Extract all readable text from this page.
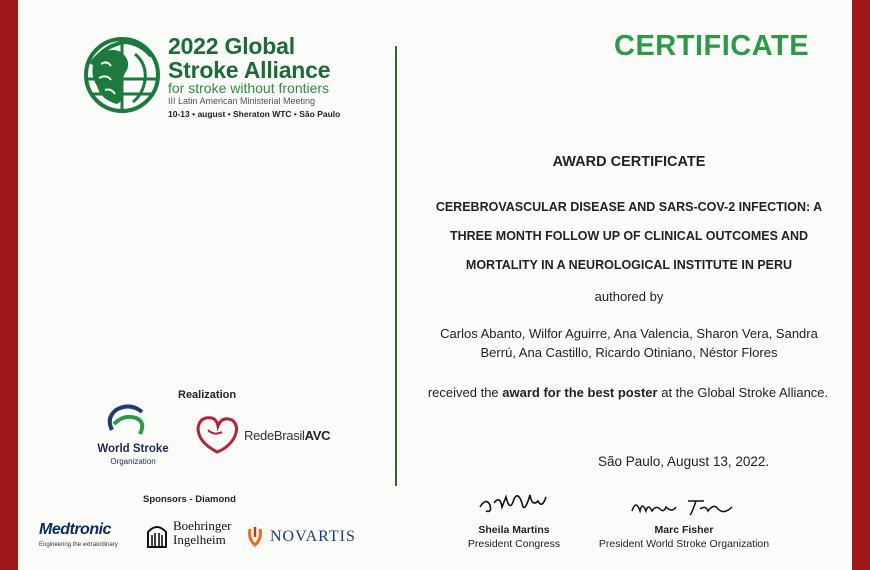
2022 Global
Stroke Alliance
for stroke without frontiers
III Latin American Ministerial Meeting
10-13 • august • Sheraton WTC • São Paulo
Realization
World Stroke
Organization
RedeBrasilAVC
Sponsors - Diamond
Medtronic
Engineering the extraordinary
Boehringer
Ingelheim	NOVARTIS
CERTIFICATE
AWARD CERTIFICATE
CEREBROVASCULAR DISEASE AND SARS-COV-2 INFECTION: A
THREE MONTH FOLLOW UP OF CLINICAL OUTCOMES AND
MORTALITY IN A NEUROLOGICAL INSTITUTE IN PERU
authored by
Carlos Abanto, Wilfor Aguirre, Ana Valencia, Sharon Vera, Sandra
Berrú, Ana Castillo, Ricardo Otiniano, Néstor Flores
received the award for the best poster at the Global Stroke Alliance.
São Paulo, August 13, 2022.
Sheila Martins
President Congress
Marc Fisher
President World Stroke Organization
